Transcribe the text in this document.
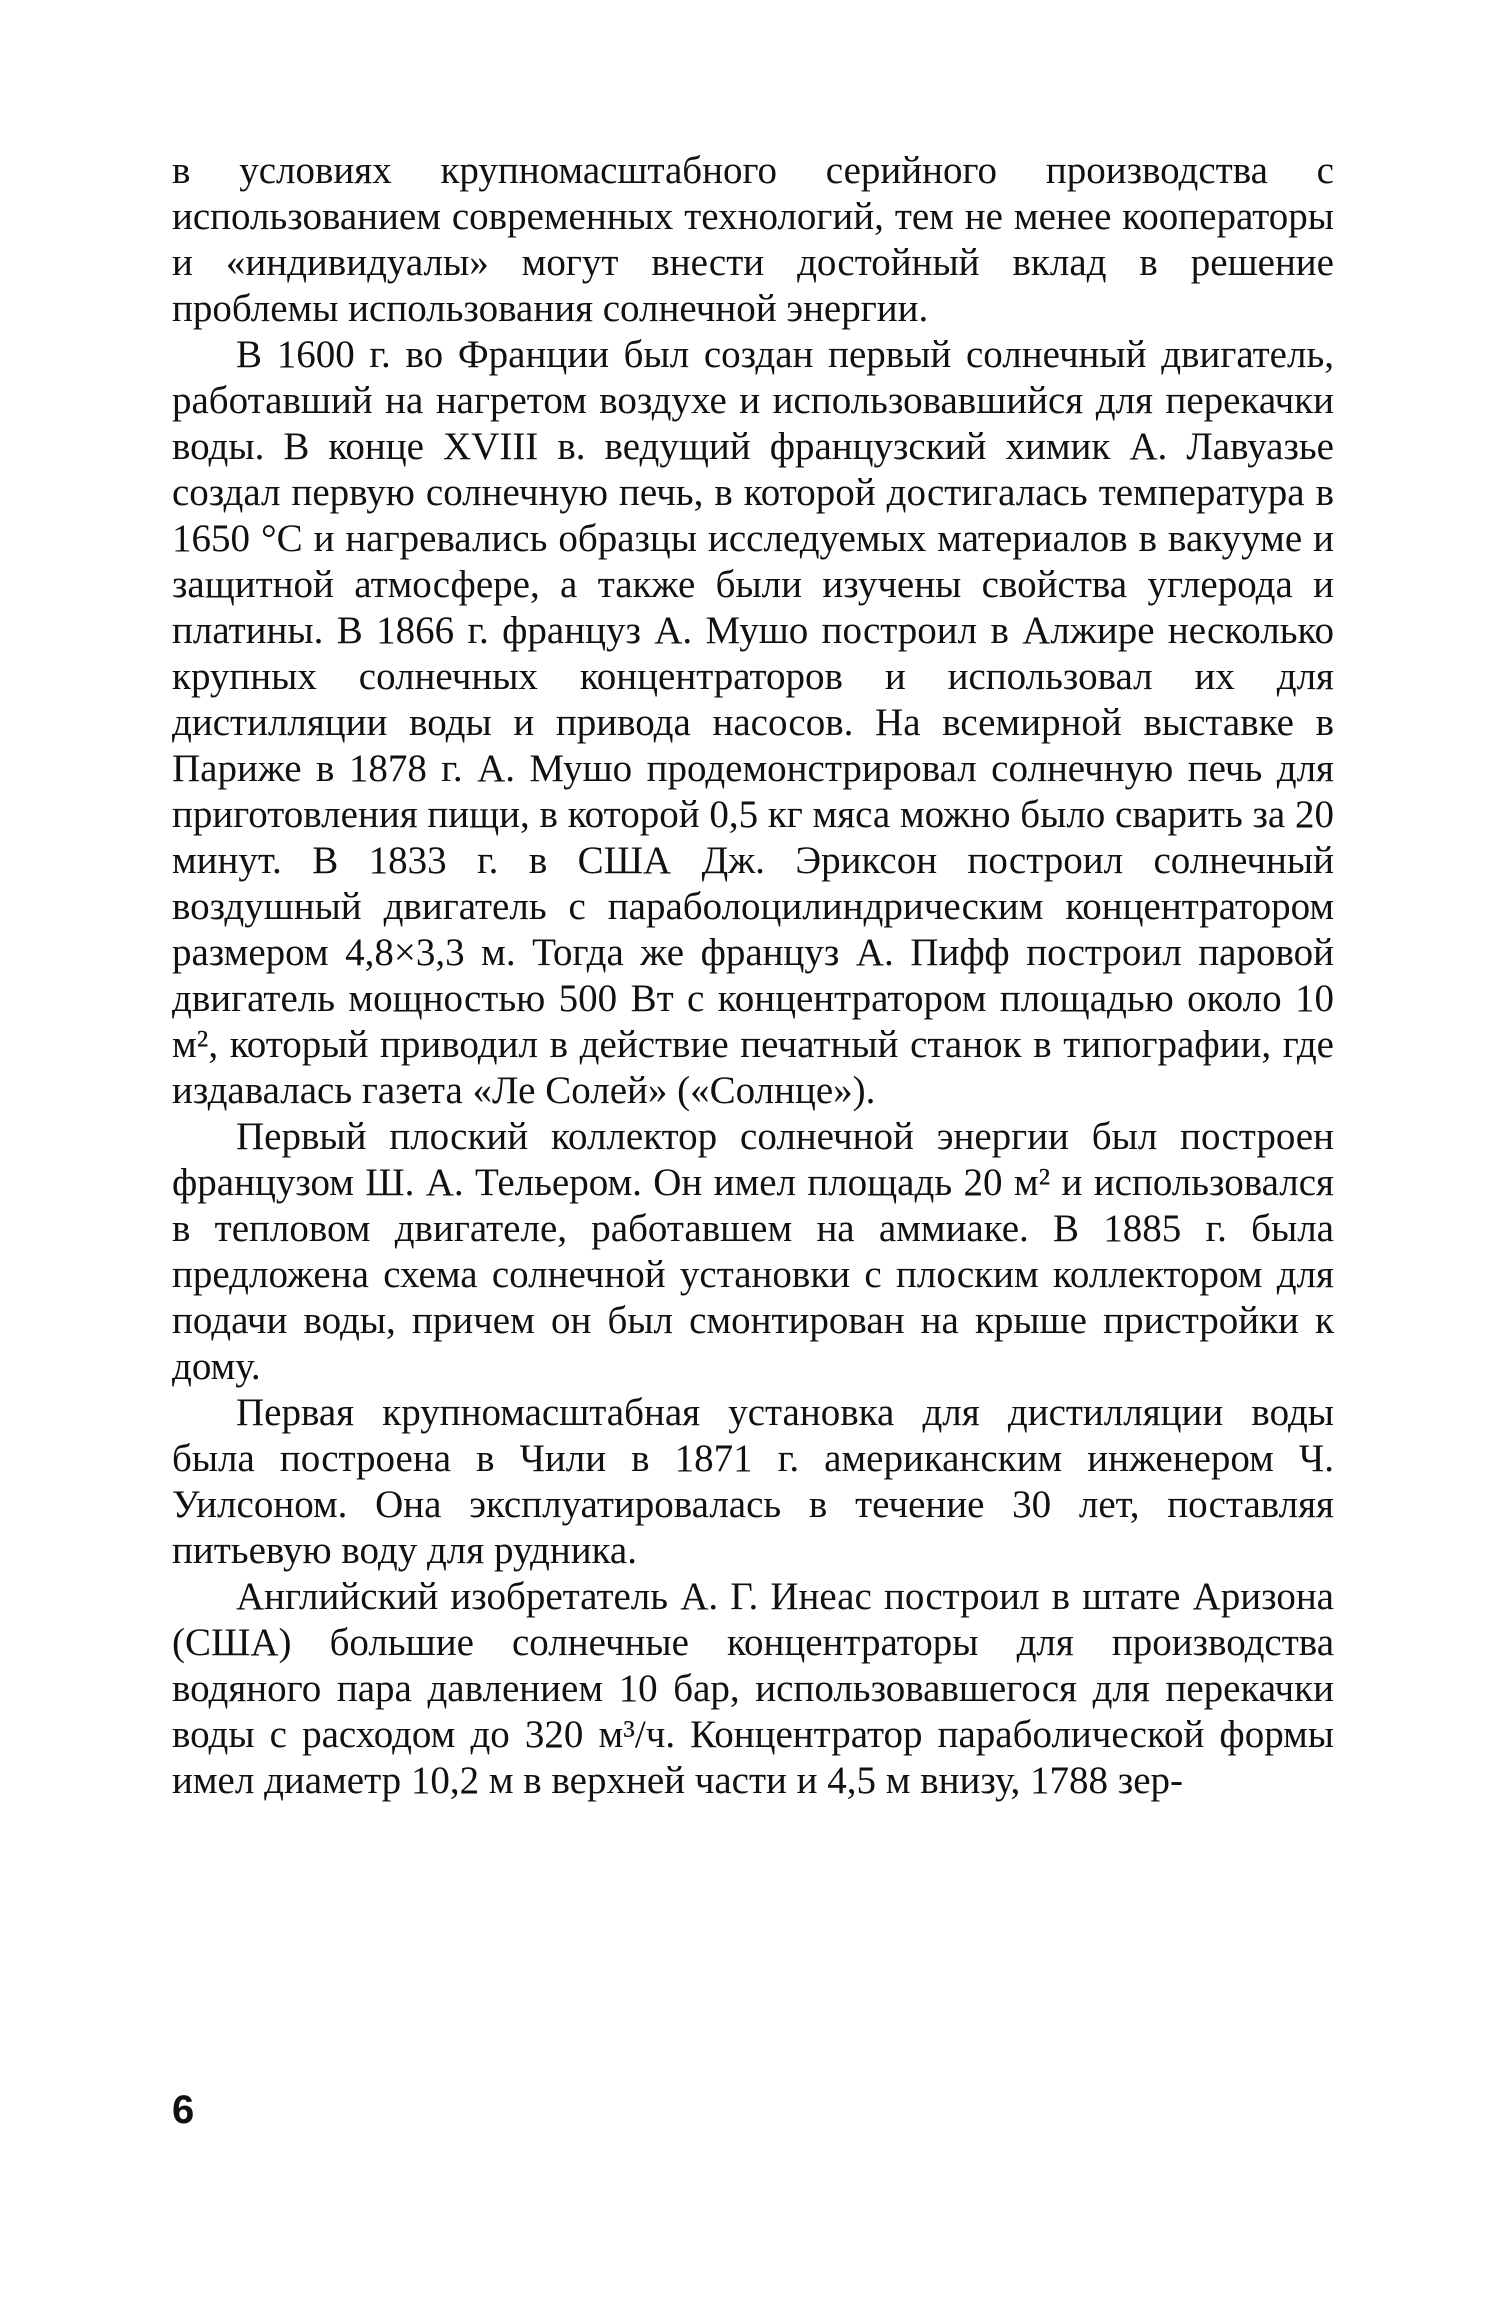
в условиях крупномасштабного серийного производства с использованием современных технологий, тем не менее кооператоры и «индивидуалы» могут внести достойный вклад в решение проблемы использования солнечной энергии.

В 1600 г. во Франции был создан первый солнечный двигатель, работавший на нагретом воздухе и использовавшийся для перекачки воды. В конце XVIII в. ведущий французский химик А. Лавуазье создал первую солнечную печь, в которой достигалась температура в 1650 °С и нагревались образцы исследуемых материалов в вакууме и защитной атмосфере, а также были изучены свойства углерода и платины. В 1866 г. француз А. Мушо построил в Алжире несколько крупных солнечных концентраторов и использовал их для дистилляции воды и привода насосов. На всемирной выставке в Париже в 1878 г. А. Мушо продемонстрировал солнечную печь для приготовления пищи, в которой 0,5 кг мяса можно было сварить за 20 минут. В 1833 г. в США Дж. Эриксон построил солнечный воздушный двигатель с параболоцилиндрическим концентратором размером 4,8×3,3 м. Тогда же француз А. Пифф построил паровой двигатель мощностью 500 Вт с концентратором площадью около 10 м², который приводил в действие печатный станок в типографии, где издавалась газета «Ле Солей» («Солнце»).

Первый плоский коллектор солнечной энергии был построен французом Ш. А. Тельером. Он имел площадь 20 м² и использовался в тепловом двигателе, работавшем на аммиаке. В 1885 г. была предложена схема солнечной установки с плоским коллектором для подачи воды, причем он был смонтирован на крыше пристройки к дому.

Первая крупномасштабная установка для дистилляции воды была построена в Чили в 1871 г. американским инженером Ч. Уилсоном. Она эксплуатировалась в течение 30 лет, поставляя питьевую воду для рудника.

Английский изобретатель А. Г. Инеас построил в штате Аризона (США) большие солнечные концентраторы для производства водяного пара давлением 10 бар, использовавшегося для перекачки воды с расходом до 320 м³/ч. Концентратор параболической формы имел диаметр 10,2 м в верхней части и 4,5 м внизу, 1788 зер-

6
